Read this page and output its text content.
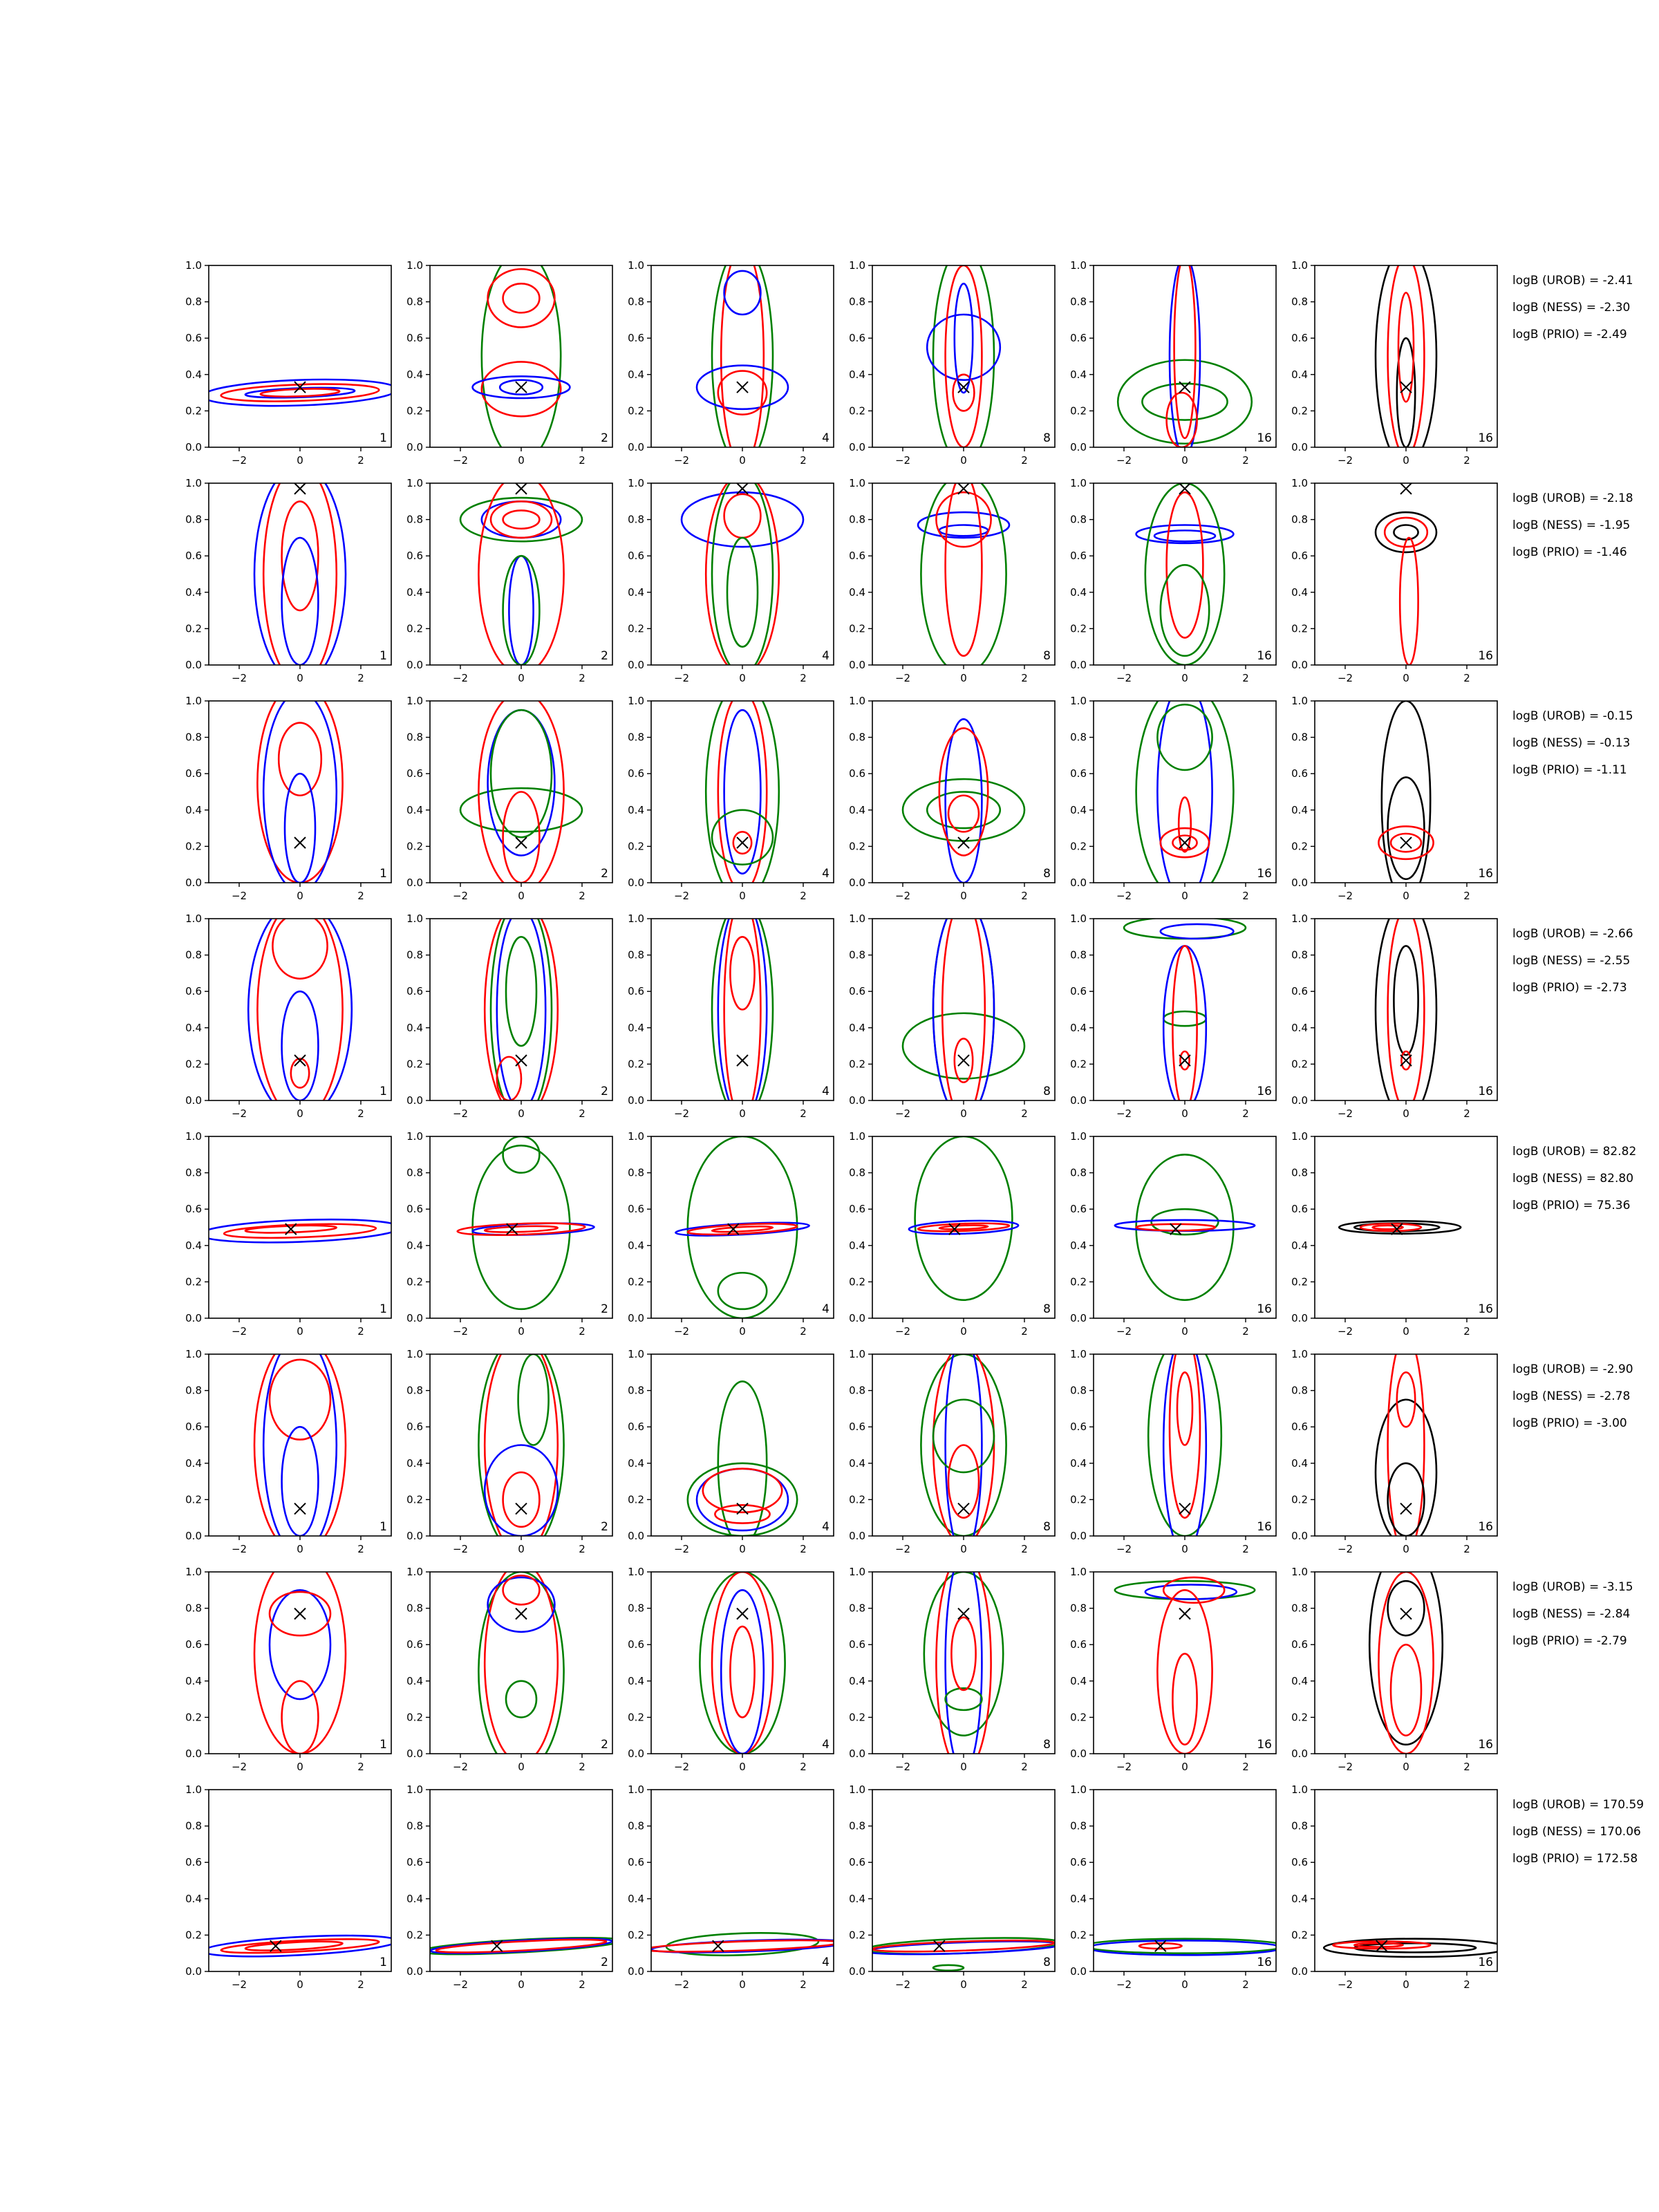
0.0
0.2
0.4
0.6
0.8
1.0
−2	0	2
1
0.0
0.2
0.4
0.6
0.8
1.0
−2	0	2
2
0.0
0.2
0.4
0.6
0.8
1.0
−2	0	2
4
0.0
0.2
0.4
0.6
0.8
1.0
−2	0	2
8
0.0
0.2
0.4
0.6
0.8
1.0
−2	0	2
16
0.0
0.2
0.4
0.6
0.8
1.0
−2	0	2
16
0.0
0.2
0.4
0.6
0.8
1.0
−2	0	2
1
0.0
0.2
0.4
0.6
0.8
1.0
−2	0	2
2
0.0
0.2
0.4
0.6
0.8
1.0
−2	0	2
4
0.0
0.2
0.4
0.6
0.8
1.0
−2	0	2
8
0.0
0.2
0.4
0.6
0.8
1.0
−2	0	2
16
0.0
0.2
0.4
0.6
0.8
1.0
−2	0	2
16
0.0
0.2
0.4
0.6
0.8
1.0
−2	0	2
1
0.0
0.2
0.4
0.6
0.8
1.0
−2	0	2
2
0.0
0.2
0.4
0.6
0.8
1.0
−2	0	2
4
0.0
0.2
0.4
0.6
0.8
1.0
−2	0	2
8
0.0
0.2
0.4
0.6
0.8
1.0
−2	0	2
16
0.0
0.2
0.4
0.6
0.8
1.0
−2	0	2
16
0.0
0.2
0.4
0.6
0.8
1.0
−2	0	2
1
0.0
0.2
0.4
0.6
0.8
1.0
−2	0	2
2
0.0
0.2
0.4
0.6
0.8
1.0
−2	0	2
4
0.0
0.2
0.4
0.6
0.8
1.0
−2	0	2
8
0.0
0.2
0.4
0.6
0.8
1.0
−2	0	2
16
0.0
0.2
0.4
0.6
0.8
1.0
−2	0	2
16
0.0
0.2
0.4
0.6
0.8
1.0
−2	0	2
1
0.0
0.2
0.4
0.6
0.8
1.0
−2	0	2
2
0.0
0.2
0.4
0.6
0.8
1.0
−2	0	2
4
0.0
0.2
0.4
0.6
0.8
1.0
−2	0	2
8
0.0
0.2
0.4
0.6
0.8
1.0
−2	0	2
16
0.0
0.2
0.4
0.6
0.8
1.0
−2	0	2
16
0.0
0.2
0.4
0.6
0.8
1.0
−2	0	2
1
0.0
0.2
0.4
0.6
0.8
1.0
−2	0	2
2
0.0
0.2
0.4
0.6
0.8
1.0
−2	0	2
4
0.0
0.2
0.4
0.6
0.8
1.0
−2	0	2
8
0.0
0.2
0.4
0.6
0.8
1.0
−2	0	2
16
0.0
0.2
0.4
0.6
0.8
1.0
−2	0	2
16
0.0
0.2
0.4
0.6
0.8
1.0
−2	0	2
1
0.0
0.2
0.4
0.6
0.8
1.0
−2	0	2
2
0.0
0.2
0.4
0.6
0.8
1.0
−2	0	2
4
0.0
0.2
0.4
0.6
0.8
1.0
−2	0	2
8
0.0
0.2
0.4
0.6
0.8
1.0
−2	0	2
16
0.0
0.2
0.4
0.6
0.8
1.0
−2	0	2
16
0.0
0.2
0.4
0.6
0.8
1.0
−2	0	2
1
0.0
0.2
0.4
0.6
0.8
1.0
−2	0	2
2
0.0
0.2
0.4
0.6
0.8
1.0
−2	0	2
4
0.0
0.2
0.4
0.6
0.8
1.0
−2	0	2
8
0.0
0.2
0.4
0.6
0.8
1.0
−2	0	2
16
0.0
0.2
0.4
0.6
0.8
1.0
−2	0	2
16
logB (UROB) = -2.41
logB (NESS) = -2.30
logB (PRIO) = -2.49
logB (UROB) = -2.18
logB (NESS) = -1.95
logB (PRIO) = -1.46
logB (UROB) = -0.15
logB (NESS) = -0.13
logB (PRIO) = -1.11
logB (UROB) = -2.66
logB (NESS) = -2.55
logB (PRIO) = -2.73
logB (UROB) = 82.82
logB (NESS) = 82.80
logB (PRIO) = 75.36
logB (UROB) = -2.90
logB (NESS) = -2.78
logB (PRIO) = -3.00
logB (UROB) = -3.15
logB (NESS) = -2.84
logB (PRIO) = -2.79
logB (UROB) = 170.59
logB (NESS) = 170.06
logB (PRIO) = 172.58
